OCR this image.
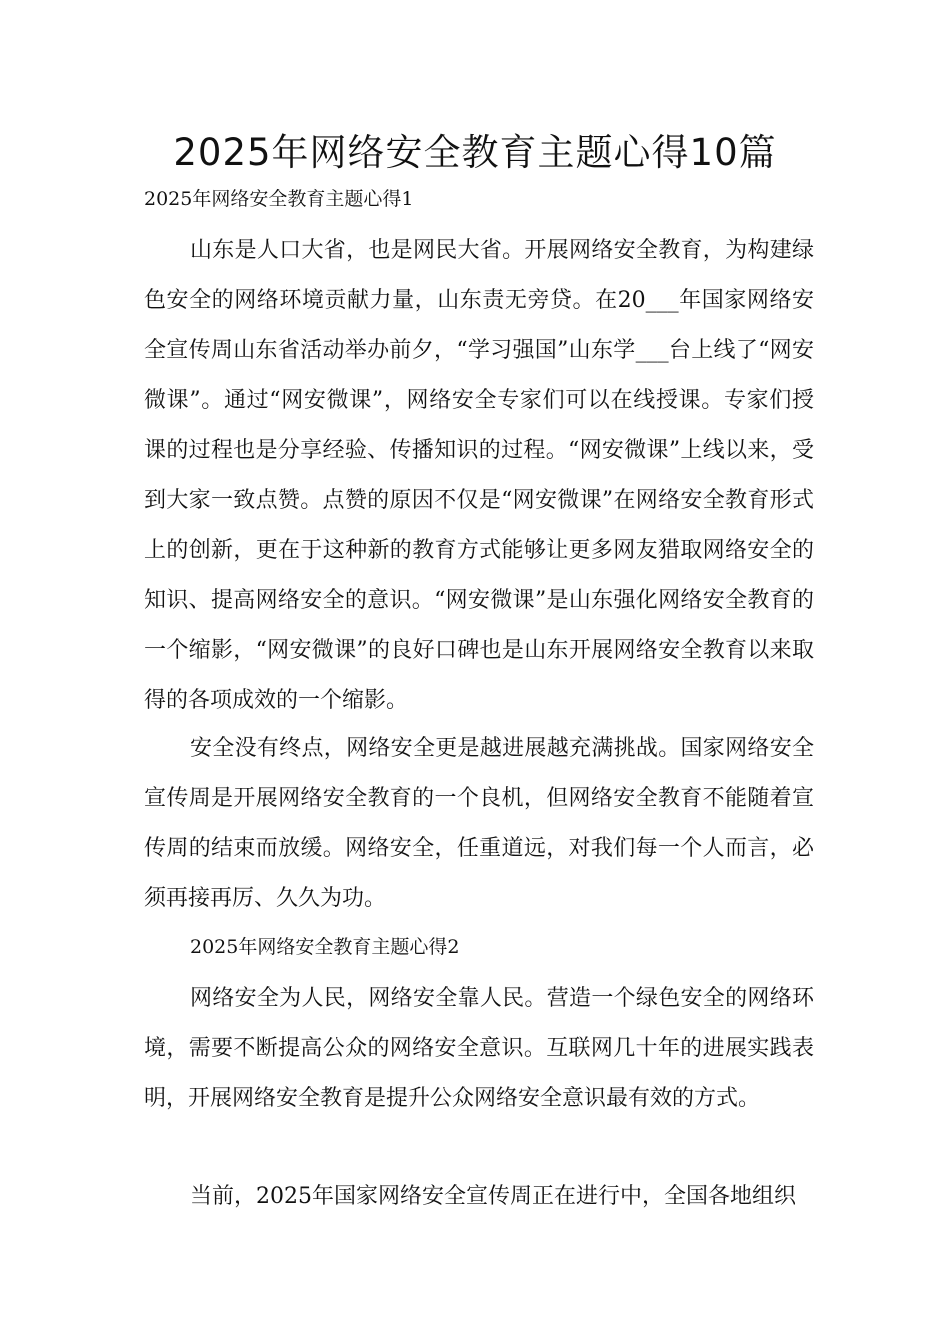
2025年网络安全教育主题心得10篇

2025年网络安全教育主题心得1

山东是人口大省，也是网民大省。开展网络安全教育，为构建绿色安全的网络环境贡献力量，山东责无旁贷。在20___年国家网络安全宣传周山东省活动举办前夕，“学习强国”山东学___台上线了“网安微课”。通过“网安微课”，网络安全专家们可以在线授课。专家们授课的过程也是分享经验、传播知识的过程。“网安微课”上线以来，受到大家一致点赞。点赞的原因不仅是“网安微课”在网络安全教育形式上的创新，更在于这种新的教育方式能够让更多网友猎取网络安全的知识、提高网络安全的意识。“网安微课”是山东强化网络安全教育的一个缩影，“网安微课”的良好口碑也是山东开展网络安全教育以来取得的各项成效的一个缩影。

安全没有终点，网络安全更是越进展越充满挑战。国家网络安全宣传周是开展网络安全教育的一个良机，但网络安全教育不能随着宣传周的结束而放缓。网络安全，任重道远，对我们每一个人而言，必须再接再厉、久久为功。

2025年网络安全教育主题心得2

网络安全为人民，网络安全靠人民。营造一个绿色安全的网络环境，需要不断提高公众的网络安全意识。互联网几十年的进展实践表明，开展网络安全教育是提升公众网络安全意识最有效的方式。

当前，2025年国家网络安全宣传周正在进行中，全国各地组织
